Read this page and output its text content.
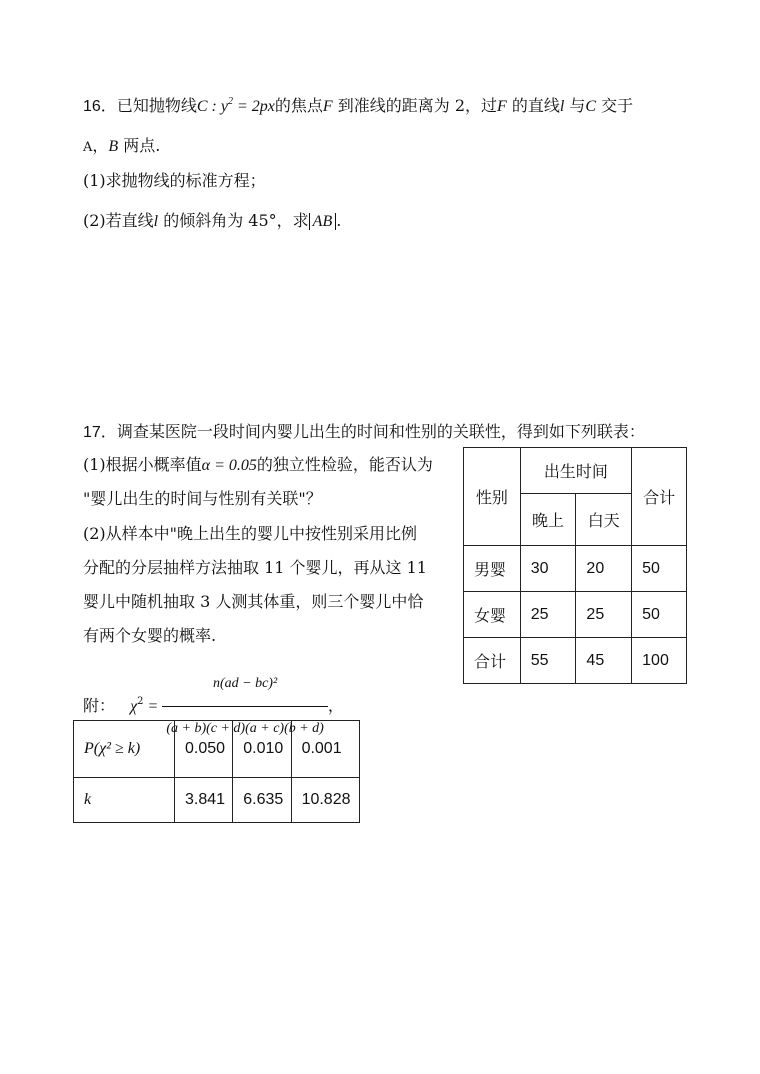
16．已知抛物线C : $y^2 = 2px$的焦点F 到准线的距离为 2，过F 的直线l 与C 交于
A，B 两点.
(1)求抛物线的标准方程；
(2)若直线l 的倾斜角为 45°，求 AB .
17．调查某医院一段时间内婴儿出生的时间和性别的关联性，得到如下列联表：
(1)根据小概率值α = 0.05的独立性检验，能否认为
"婴儿出生的时间与性别有关联"？
(2)从样本中"晚上出生的婴儿中按性别采用比例
分配的分层抽样方法抽取 11 个婴儿，再从这 11
婴儿中随机抽取 3 人测其体重，则三个婴儿中恰
有两个女婴的概率.
附： $\chi^2 = \frac{\text{n(ad − bc)²}}{(a + b)(c + d)(a + c)(b + d)}$ ，
性别	出生时间		合计
	晚上	白天	
男婴	30	20	50
女婴	25	25	50
合计	55	45	100
P(χ² ≥ k)	0.050	0.010	0.001
k	3.841	6.635	10.828
